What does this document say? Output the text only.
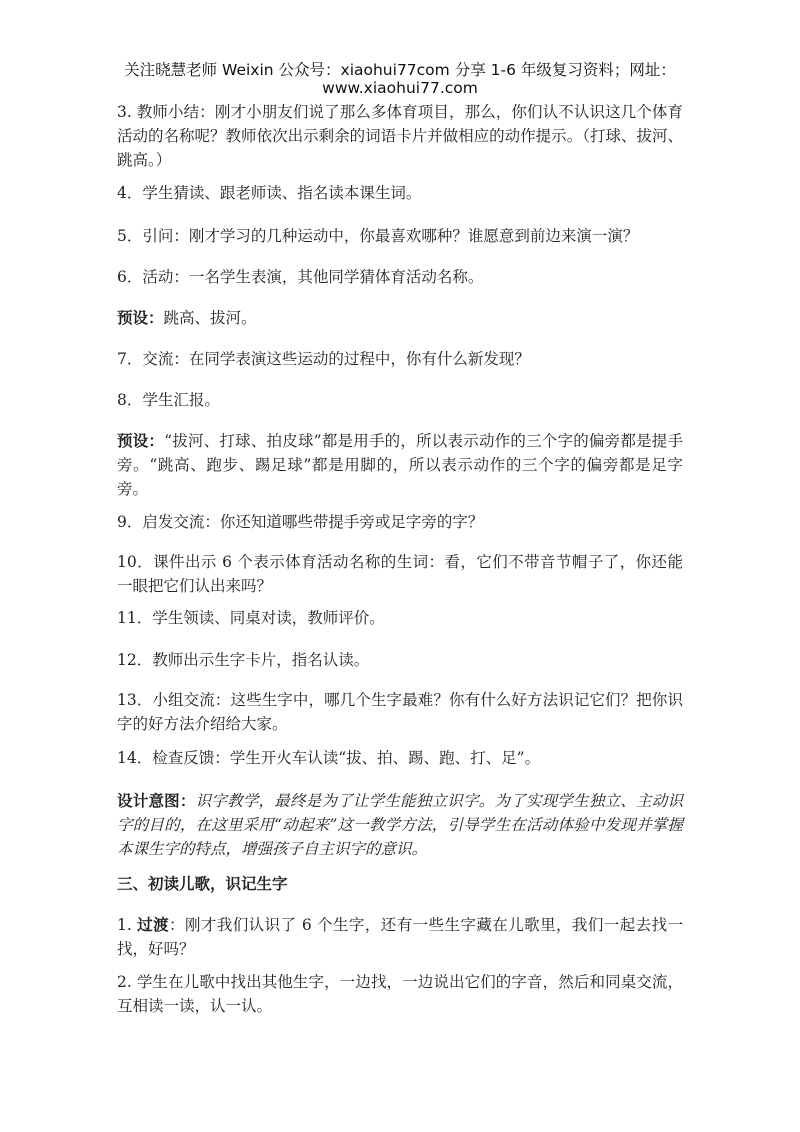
关注晓慧老师 Weixin 公众号：xiaohui77com 分享 1-6 年级复习资料；网址：
www.xiaohui77.com

3. 教师小结：刚才小朋友们说了那么多体育项目，那么，你们认不认识这几个体育活动的名称呢？教师依次出示剩余的词语卡片并做相应的动作提示。（打球、拔河、跳高。）

4．学生猜读、跟老师读、指名读本课生词。

5．引问：刚才学习的几种运动中，你最喜欢哪种？谁愿意到前边来演一演？

6．活动：一名学生表演，其他同学猜体育活动名称。

预设：跳高、拔河。

7．交流：在同学表演这些运动的过程中，你有什么新发现？

8．学生汇报。

预设：“拔河、打球、拍皮球”都是用手的，所以表示动作的三个字的偏旁都是提手旁。“跳高、跑步、踢足球”都是用脚的，所以表示动作的三个字的偏旁都是足字旁。

9．启发交流：你还知道哪些带提手旁或足字旁的字？

10．课件出示 6 个表示体育活动名称的生词：看，它们不带音节帽子了，你还能一眼把它们认出来吗？

11．学生领读、同桌对读，教师评价。

12．教师出示生字卡片，指名认读。

13．小组交流：这些生字中，哪几个生字最难？你有什么好方法识记它们？把你识字的好方法介绍给大家。

14．检查反馈：学生开火车认读“拔、拍、踢、跑、打、足”。

设计意图：识字教学，最终是为了让学生能独立识字。为了实现学生独立、主动识字的目的，在这里采用“动起来”这一教学方法，引导学生在活动体验中发现并掌握本课生字的特点，增强孩子自主识字的意识。

三、初读儿歌，识记生字

1. 过渡：刚才我们认识了 6 个生字，还有一些生字藏在儿歌里，我们一起去找一找，好吗？

2. 学生在儿歌中找出其他生字，一边找，一边说出它们的字音，然后和同桌交流，互相读一读，认一认。
